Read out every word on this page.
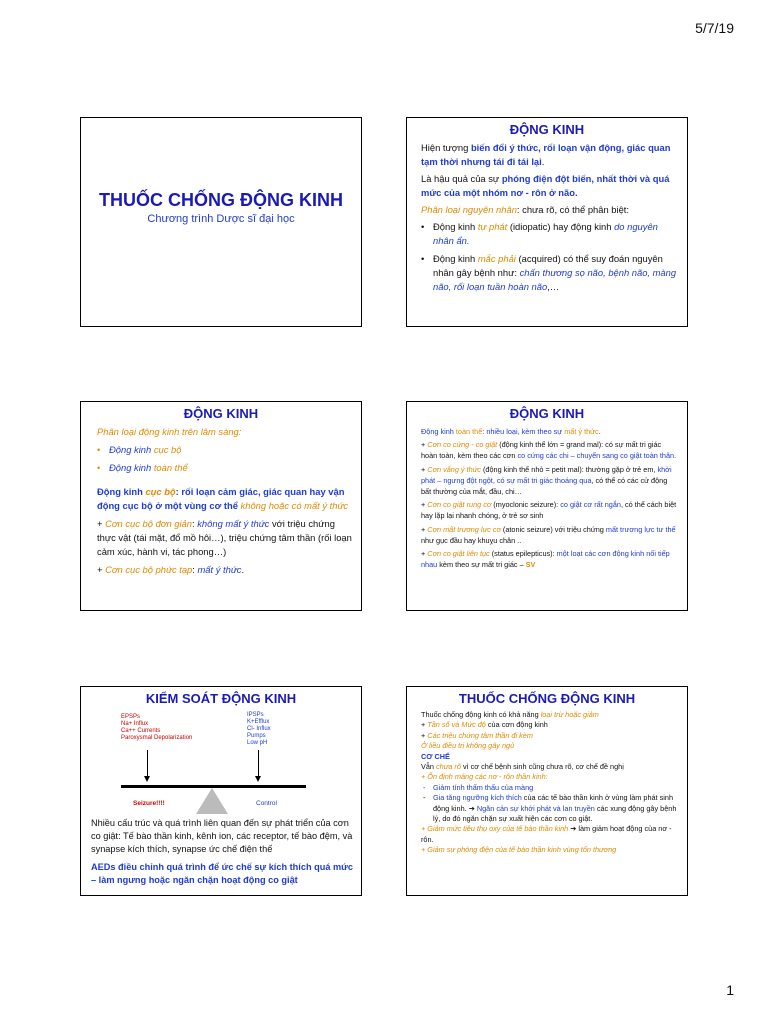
5/7/19
THUỐC CHỐNG ĐỘNG KINH
Chương trình Dược sĩ đại học
ĐỘNG KINH

Hiện tượng biến đổi ý thức, rối loạn vận động, giác quan tạm thời nhưng tái đi tái lại.

Là hậu quả của sự phóng điện đột biến, nhất thời và quá mức của một nhóm nơ - rôn ở não.

Phân loại nguyên nhân: chưa rõ, có thể phân biệt:

• Động kinh tự phát (idiopatic) hay động kinh do nguyên nhân ẩn.
• Động kinh mắc phải (acquired) có thể suy đoán nguyên nhân gây bệnh như: chấn thương sọ não, bệnh não, màng não, rối loạn tuần hoàn não,…
ĐỘNG KINH

Phân loại động kinh trên lâm sàng:

• Động kinh cục bộ
• Động kinh toàn thể

Động kinh cục bộ: rối loạn cảm giác, giác quan hay vận động cục bộ ở một vùng cơ thể không hoặc có mất ý thức

+ Cơn cục bộ đơn giản: không mất ý thức với triệu chứng thực vật (tái mặt, đổ mồ hôi…), triệu chứng tâm thần (rối loạn cảm xúc, hành vi, tác phong…)

+ Cơn cục bộ phức tạp: mất ý thức.

ĐỘNG KINH

Động kinh toàn thể: nhiều loại, kèm theo sự mất ý thức.

+ Cơn co cứng - co giật (động kinh thể lớn = grand mal): có sự mất tri giác hoàn toàn, kèm theo các cơn co cứng các chi – chuyển sang co giật toàn thân.

+ Cơn vắng ý thức (động kinh thể nhỏ = petit mal): thường gặp ở trẻ em, khởi phát – ngưng đột ngột, có sự mất tri giác thoáng qua, có thể có các cử động bất thường của mắt, đầu, chi…

+ Cơn co giật rung cơ (myoclonic seizure): co giật cơ rất ngắn, có thể cách biệt hay lặp lại nhanh chóng, ở trẻ sơ sinh

+ Cơn mất trương lực cơ (atonic seizure) với triệu chứng mất trương lực tư thế như gục đầu hay khuỵu chân ..

+ Cơn co giật liên tục (status epilepticus): một loạt các cơn động kinh nối tiếp nhau kèm theo sự mất tri giác – SV

KIỂM SOÁT ĐỘNG KINH
EPSPs
Na+ Influx
Ca++ Currents
Paroxysmal Depolarization
IPSPs
K+Efflux
Cl- Influx
Pumps
Low pH
Seizure!!!!	Control

Nhiều cấu trúc và quá trình liên quan đến sự phát triển của cơn co giật: Tế bào thần kinh, kênh ion, các receptor, tế bào đệm, và synapse kích thích, synapse ức chế điện thế

AEDs điều chỉnh quá trình để ức chế sự kích thích quá mức – làm ngưng hoặc ngăn chặn hoạt động co giật

THUỐC CHỐNG ĐỘNG KINH
Thuốc chống động kinh có khả năng loại trừ hoặc giảm
+ Tần số và Mức độ của cơn động kinh
+ Các triệu chứng tâm thần đi kèm
Ở liều điều trị không gây ngủ
CƠ CHẾ
Vẫn chưa rõ vì cơ chế bệnh sinh cũng chưa rõ, cơ chế đề nghị
+ Ổn định màng các nơ - rôn thần kinh:
- Giảm tính thấm thấu của màng
- Gia tăng ngưỡng kích thích của các tế bào thần kinh ở vùng làm phát sinh động kinh. ➔ Ngăn cản sự khởi phát và lan truyền các xung động gây bệnh lý, do đó ngăn chặn sự xuất hiện các cơn co giật.
+ Giảm mức tiêu thụ oxy của tế bào thần kinh ➔ làm giảm hoạt động của nơ - rôn.
+ Giảm sự phóng điện của tế bào thần kinh vùng tổn thương
1
